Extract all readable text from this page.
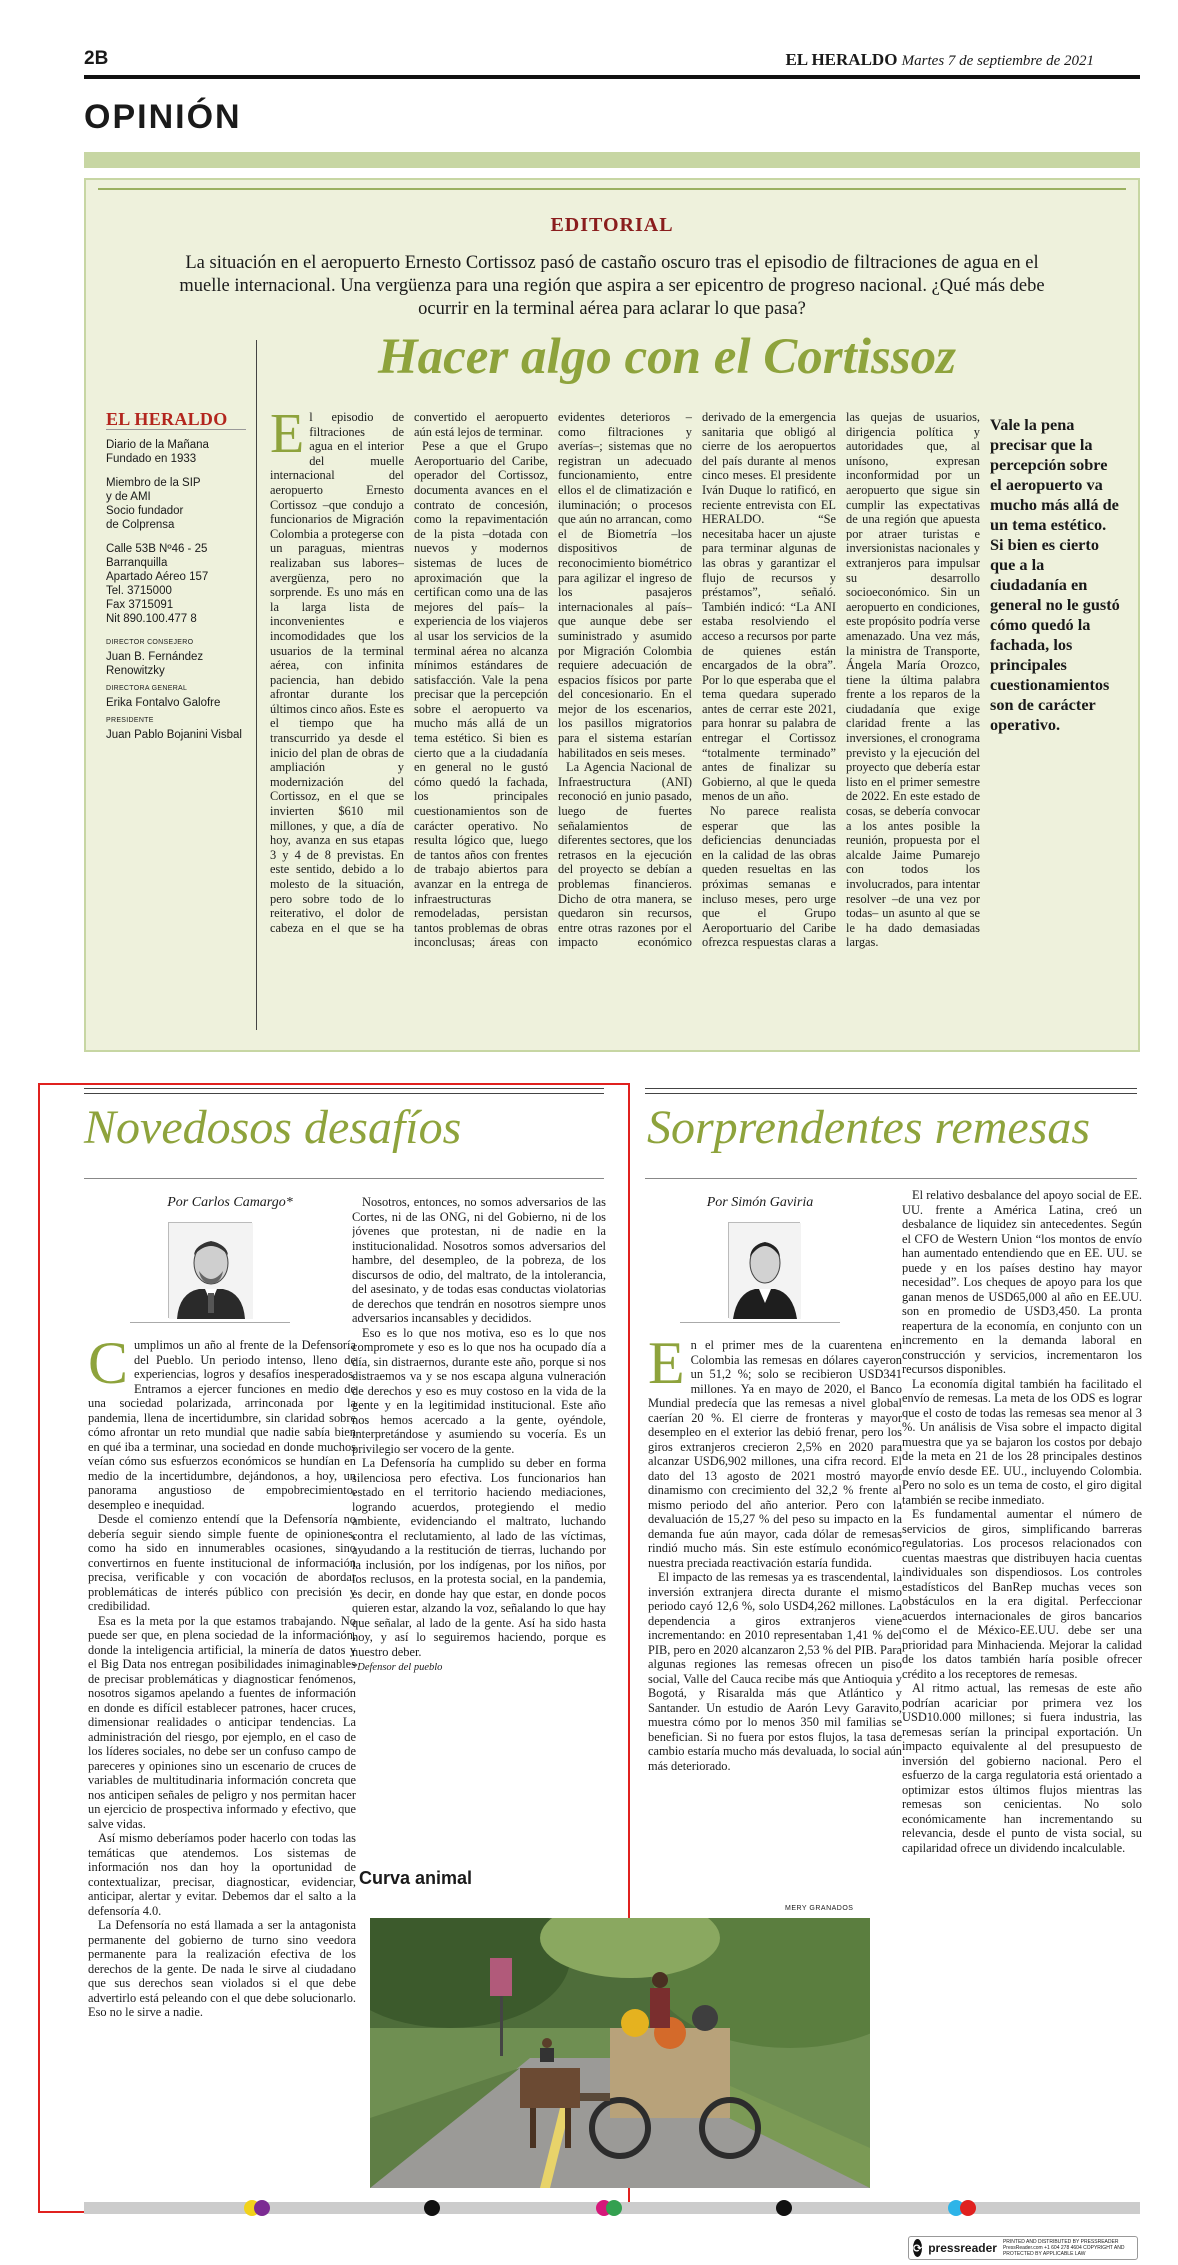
2B	EL HERALDO Martes 7 de septiembre de 2021
OPINIÓN
EDITORIAL
La situación en el aeropuerto Ernesto Cortissoz pasó de castaño oscuro tras el episodio de filtraciones de agua en el muelle internacional. Una vergüenza para una región que aspira a ser epicentro de progreso nacional. ¿Qué más debe ocurrir en la terminal aérea para aclarar lo que pasa?
Hacer algo con el Cortissoz
EL HERALDO
Diario de la Mañana
Fundado en 1933
Miembro de la SIP
y de AMI
Socio fundador
de Colprensa
Calle 53B Nº46 - 25
Barranquilla
Apartado Aéreo 157
Tel. 3715000
Fax 3715091
Nit 890.100.477 8
DIRECTOR CONSEJERO
Juan B. Fernández Renowitzky
DIRECTORA GENERAL
Erika Fontalvo Galofre
PRESIDENTE
Juan Pablo Bojanini Visbal

El episodio de filtraciones de agua en el interior del muelle internacional del aeropuerto Ernesto Cortissoz –que condujo a funcionarios de Migración Colombia a protegerse con un paraguas, mientras realizaban sus labores– avergüenza, pero no sorprende. Es uno más en la larga lista de inconvenientes e incomodidades que los usuarios de la terminal aérea, con infinita paciencia, han debido afrontar durante los últimos cinco años. Este es el tiempo que ha transcurrido ya desde el inicio del plan de obras de ampliación y modernización del Cortissoz, en el que se invierten $610 mil millones, y que, a día de hoy, avanza en sus etapas 3 y 4 de 8 previstas. En este sentido, debido a lo molesto de la situación, pero sobre todo de lo reiterativo, el dolor de cabeza en el que se ha convertido el aeropuerto aún está lejos de terminar.

Pese a que el Grupo Aeroportuario del Caribe, operador del Cortissoz, documenta avances en el contrato de concesión, como la repavimentación de la pista –dotada con nuevos y modernos sistemas de luces de aproximación que la certifican como una de las mejores del país– la experiencia de los viajeros al usar los servicios de la terminal aérea no alcanza mínimos estándares de satisfacción. Vale la pena precisar que la percepción sobre el aeropuerto va mucho más allá de un tema estético. Si bien es cierto que a la ciudadanía en general no le gustó cómo quedó la fachada, los principales cuestionamientos son de carácter operativo. No resulta lógico que, luego de tantos años con frentes de trabajo abiertos para avanzar en la entrega de infraestructuras remodeladas, persistan tantos problemas de obras inconclusas; áreas con evidentes deterioros –como filtraciones y averías–; sistemas que no registran un adecuado funcionamiento, entre ellos el de climatización e iluminación; o procesos que aún no arrancan, como el de Biometría –los dispositivos de reconocimiento biométrico para agilizar el ingreso de los pasajeros internacionales al país– que aunque debe ser suministrado y asumido por Migración Colombia requiere adecuación de espacios físicos por parte del concesionario. En el mejor de los escenarios, los pasillos migratorios para el sistema estarían habilitados en seis meses.

La Agencia Nacional de Infraestructura (ANI) reconoció en junio pasado, luego de fuertes señalamientos de diferentes sectores, que los retrasos en la ejecución del proyecto se debían a problemas financieros. Dicho de otra manera, se quedaron sin recursos, entre otras razones por el impacto económico derivado de la emergencia sanitaria que obligó al cierre de los aeropuertos del país durante al menos cinco meses. El presidente Iván Duque lo ratificó, en reciente entrevista con EL HERALDO. “Se necesitaba hacer un ajuste para terminar algunas de las obras y garantizar el flujo de recursos y préstamos”, señaló. También indicó: “La ANI estaba resolviendo el acceso a recursos por parte de quienes están encargados de la obra”. Por lo que esperaba que el tema quedara superado antes de cerrar este 2021, para honrar su palabra de entregar el Cortissoz “totalmente terminado” antes de finalizar su Gobierno, al que le queda menos de un año.

No parece realista esperar que las deficiencias denunciadas en la calidad de las obras queden resueltas en las próximas semanas e incluso meses, pero urge que el Grupo Aeroportuario del Caribe ofrezca respuestas claras a las quejas de usuarios, dirigencia política y autoridades que, al unísono, expresan inconformidad por un aeropuerto que sigue sin cumplir las expectativas de una región que apuesta por atraer turistas e inversionistas nacionales y extranjeros para impulsar su desarrollo socioeconómico. Sin un aeropuerto en condiciones, este propósito podría verse amenazado. Una vez más, la ministra de Transporte, Ángela María Orozco, tiene la última palabra frente a los reparos de la ciudadanía que exige claridad frente a las inversiones, el cronograma previsto y la ejecución del proyecto que debería estar listo en el primer semestre de 2022. En este estado de cosas, se debería convocar a los antes posible la reunión, propuesta por el alcalde Jaime Pumarejo con todos los involucrados, para intentar resolver –de una vez por todas– un asunto al que se le ha dado demasiadas largas.

Vale la pena precisar que la percepción sobre el aeropuerto va mucho más allá de un tema estético. Si bien es cierto que a la ciudadanía en general no le gustó cómo quedó la fachada, los principales cuestionamientos son de carácter operativo.
Novedosos desafíos
Por Carlos Camargo*

Cumplimos un año al frente de la Defensoría del Pueblo. Un periodo intenso, lleno de experiencias, logros y desafíos inesperados. Entramos a ejercer funciones en medio de una sociedad polarizada, arrinconada por la pandemia, llena de incertidumbre, sin claridad sobre cómo afrontar un reto mundial que nadie sabía bien en qué iba a terminar, una sociedad en donde muchos veían cómo sus esfuerzos económicos se hundían en medio de la incertidumbre, dejándonos, a hoy, un panorama angustioso de empobrecimiento, desempleo e inequidad.

Desde el comienzo entendí que la Defensoría no debería seguir siendo simple fuente de opiniones, como ha sido en innumerables ocasiones, sino convertirnos en fuente institucional de información precisa, verificable y con vocación de abordar problemáticas de interés público con precisión y credibilidad.

Esa es la meta por la que estamos trabajando. No puede ser que, en plena sociedad de la información, donde la inteligencia artificial, la minería de datos y el Big Data nos entregan posibilidades inimaginables de precisar problemáticas y diagnosticar fenómenos, nosotros sigamos apelando a fuentes de información en donde es difícil establecer patrones, hacer cruces, dimensionar realidades o anticipar tendencias. La administración del riesgo, por ejemplo, en el caso de los líderes sociales, no debe ser un confuso campo de pareceres y opiniones sino un escenario de cruces de variables de multitudinaria información concreta que nos anticipen señales de peligro y nos permitan hacer un ejercicio de prospectiva informado y efectivo, que salve vidas.

Así mismo deberíamos poder hacerlo con todas las temáticas que atendemos. Los sistemas de información nos dan hoy la oportunidad de contextualizar, precisar, diagnosticar, evidenciar, anticipar, alertar y evitar. Debemos dar el salto a la defensoría 4.0.

La Defensoría no está llamada a ser la antagonista permanente del gobierno de turno sino veedora permanente para la realización efectiva de los derechos de la gente. De nada le sirve al ciudadano que sus derechos sean violados si el que debe advertirlo está peleando con el que debe solucionarlo. Eso no le sirve a nadie.

Nosotros, entonces, no somos adversarios de las Cortes, ni de las ONG, ni del Gobierno, ni de los jóvenes que protestan, ni de nadie en la institucionalidad. Nosotros somos adversarios del hambre, del desempleo, de la pobreza, de los discursos de odio, del maltrato, de la intolerancia, del asesinato, y de todas esas conductas violatorias de derechos que tendrán en nosotros siempre unos adversarios incansables y decididos.

Eso es lo que nos motiva, eso es lo que nos compromete y eso es lo que nos ha ocupado día a día, sin distraernos, durante este año, porque si nos distraemos va y se nos escapa alguna vulneración de derechos y eso es muy costoso en la vida de la gente y en la legitimidad institucional. Este año nos hemos acercado a la gente, oyéndole, interpretándose y asumiendo su vocería. Es un privilegio ser vocero de la gente.

La Defensoría ha cumplido su deber en forma silenciosa pero efectiva. Los funcionarios han estado en el territorio haciendo mediaciones, logrando acuerdos, protegiendo el medio ambiente, evidenciando el maltrato, luchando contra el reclutamiento, al lado de las víctimas, ayudando a la restitución de tierras, luchando por la inclusión, por los indígenas, por los niños, por los reclusos, en la protesta social, en la pandemia, es decir, en donde hay que estar, en donde pocos quieren estar, alzando la voz, señalando lo que hay que señalar, al lado de la gente. Así ha sido hasta hoy, y así lo seguiremos haciendo, porque es nuestro deber.

*Defensor del pueblo

Curva animal
MERY GRANADOS
Sorprendentes remesas
Por Simón Gaviria

En el primer mes de la cuarentena en Colombia las remesas en dólares cayeron un 51,2 %; solo se recibieron USD341 millones. Ya en mayo de 2020, el Banco Mundial predecía que las remesas a nivel global caerían 20 %. El cierre de fronteras y mayor desempleo en el exterior las debió frenar, pero los giros extranjeros crecieron 2,5% en 2020 para alcanzar USD6,902 millones, una cifra record. El dato del 13 agosto de 2021 mostró mayor dinamismo con crecimiento del 32,2 % frente al mismo periodo del año anterior. Pero con la devaluación de 15,27 % del peso su impacto en la demanda fue aún mayor, cada dólar de remesas rindió mucho más. Sin este estímulo económico nuestra preciada reactivación estaría fundida.

El impacto de las remesas ya es trascendental, la inversión extranjera directa durante el mismo periodo cayó 12,6 %, solo USD4,262 millones. La dependencia a giros extranjeros viene incrementando: en 2010 representaban 1,41 % del PIB, pero en 2020 alcanzaron 2,53 % del PIB. Para algunas regiones las remesas ofrecen un piso social, Valle del Cauca recibe más que Antioquia y Bogotá, y Risaralda más que Atlántico y Santander. Un estudio de Aarón Levy Garavito, muestra cómo por lo menos 350 mil familias se benefician. Si no fuera por estos flujos, la tasa de cambio estaría mucho más devaluada, lo social aún más deteriorado.

El relativo desbalance del apoyo social de EE. UU. frente a América Latina, creó un desbalance de liquidez sin antecedentes. Según el CFO de Western Union “los montos de envío han aumentado entendiendo que en EE. UU. se puede y en los países destino hay mayor necesidad”. Los cheques de apoyo para los que ganan menos de USD65,000 al año en EE.UU. son en promedio de USD3,450. La pronta reapertura de la economía, en conjunto con un incremento en la demanda laboral en construcción y servicios, incrementaron los recursos disponibles.

La economía digital también ha facilitado el envío de remesas. La meta de los ODS es lograr que el costo de todas las remesas sea menor al 3 %. Un análisis de Visa sobre el impacto digital muestra que ya se bajaron los costos por debajo de la meta en 21 de los 28 principales destinos de envío desde EE. UU., incluyendo Colombia. Pero no solo es un tema de costo, el giro digital también se recibe inmediato.

Es fundamental aumentar el número de servicios de giros, simplificando barreras regulatorias. Los procesos relacionados con cuentas maestras que distribuyen hacia cuentas individuales son dispendiosos. Los controles estadísticos del BanRep muchas veces son obstáculos en la era digital. Perfeccionar acuerdos internacionales de giros bancarios como el de México-EE.UU. debe ser una prioridad para Minhacienda. Mejorar la calidad de los datos también haría posible ofrecer crédito a los receptores de remesas.

Al ritmo actual, las remesas de este año podrían acariciar por primera vez los USD10.000 millones; si fuera industria, las remesas serían la principal exportación. Un impacto equivalente al del presupuesto de inversión del gobierno nacional. Pero el esfuerzo de la carga regulatoria está orientado a optimizar estos últimos flujos mientras las remesas son cenicientas. No solo económicamente han incrementando su relevancia, desde el punto de vista social, su capilaridad ofrece un dividendo incalculable.

⟳ pressreader PRINTED AND DISTRIBUTED BY PRESSREADER PressReader.com +1 604 278 4604 COPYRIGHT AND PROTECTED BY APPLICABLE LAW
